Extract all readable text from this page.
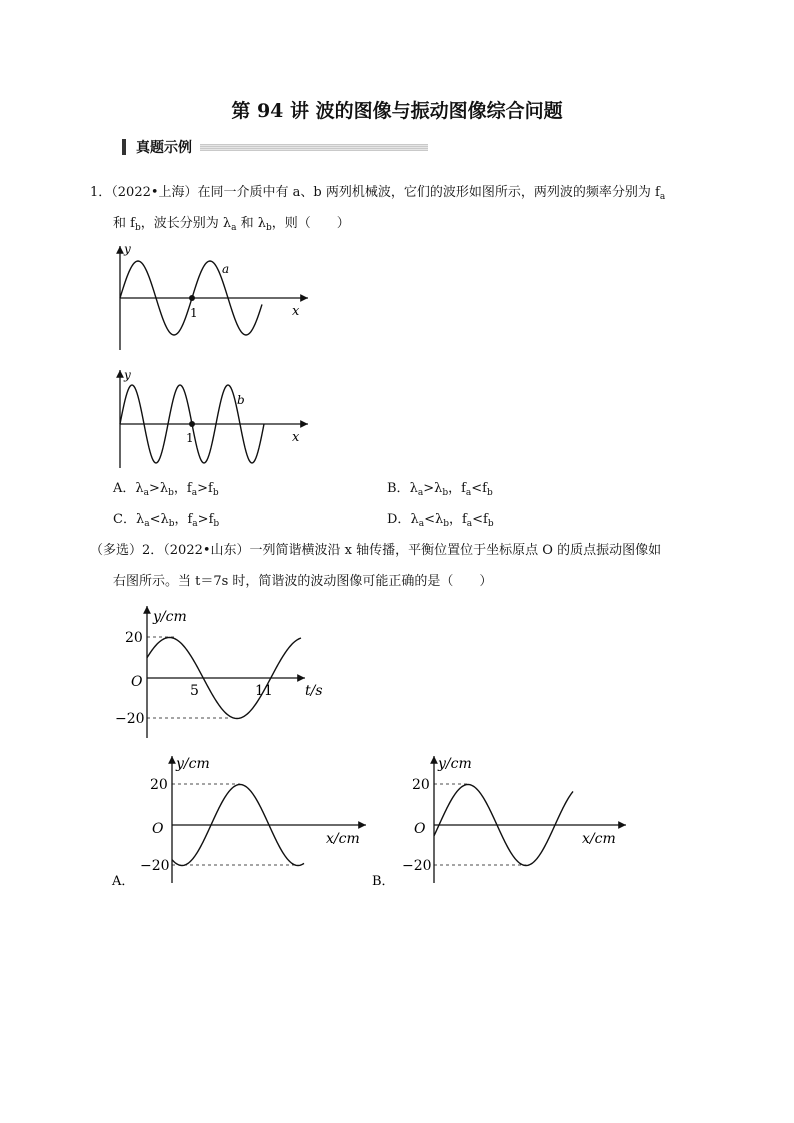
第 94 讲 波的图像与振动图像综合问题
真题示例
1．（2022•上海）在同一介质中有 a、b 两列机械波，它们的波形如图所示，两列波的频率分别为 $f_a$
和 $f_b$，波长分别为 $\lambda_a$ 和 $\lambda_b$，则（　　）
y
x
1
a
y
x
1
b
A．$\lambda_a>\lambda_b$，$f_a>f_b$	B．$\lambda_a>\lambda_b$，$f_a<f_b$
C．$\lambda_a<\lambda_b$，$f_a>f_b$	D．$\lambda_a<\lambda_b$，$f_a<f_b$
（多选）2．（2022•山东）一列简谐横波沿 x 轴传播，平衡位置位于坐标原点 O 的质点振动图像如
右图所示。当 t＝7s 时，简谐波的波动图像可能正确的是（　　）
y/cm
t/s
O
20
−20
5	11
y/cm
x/cm
O
20
−20
A．
y/cm
x/cm
O
20
−20
B．
